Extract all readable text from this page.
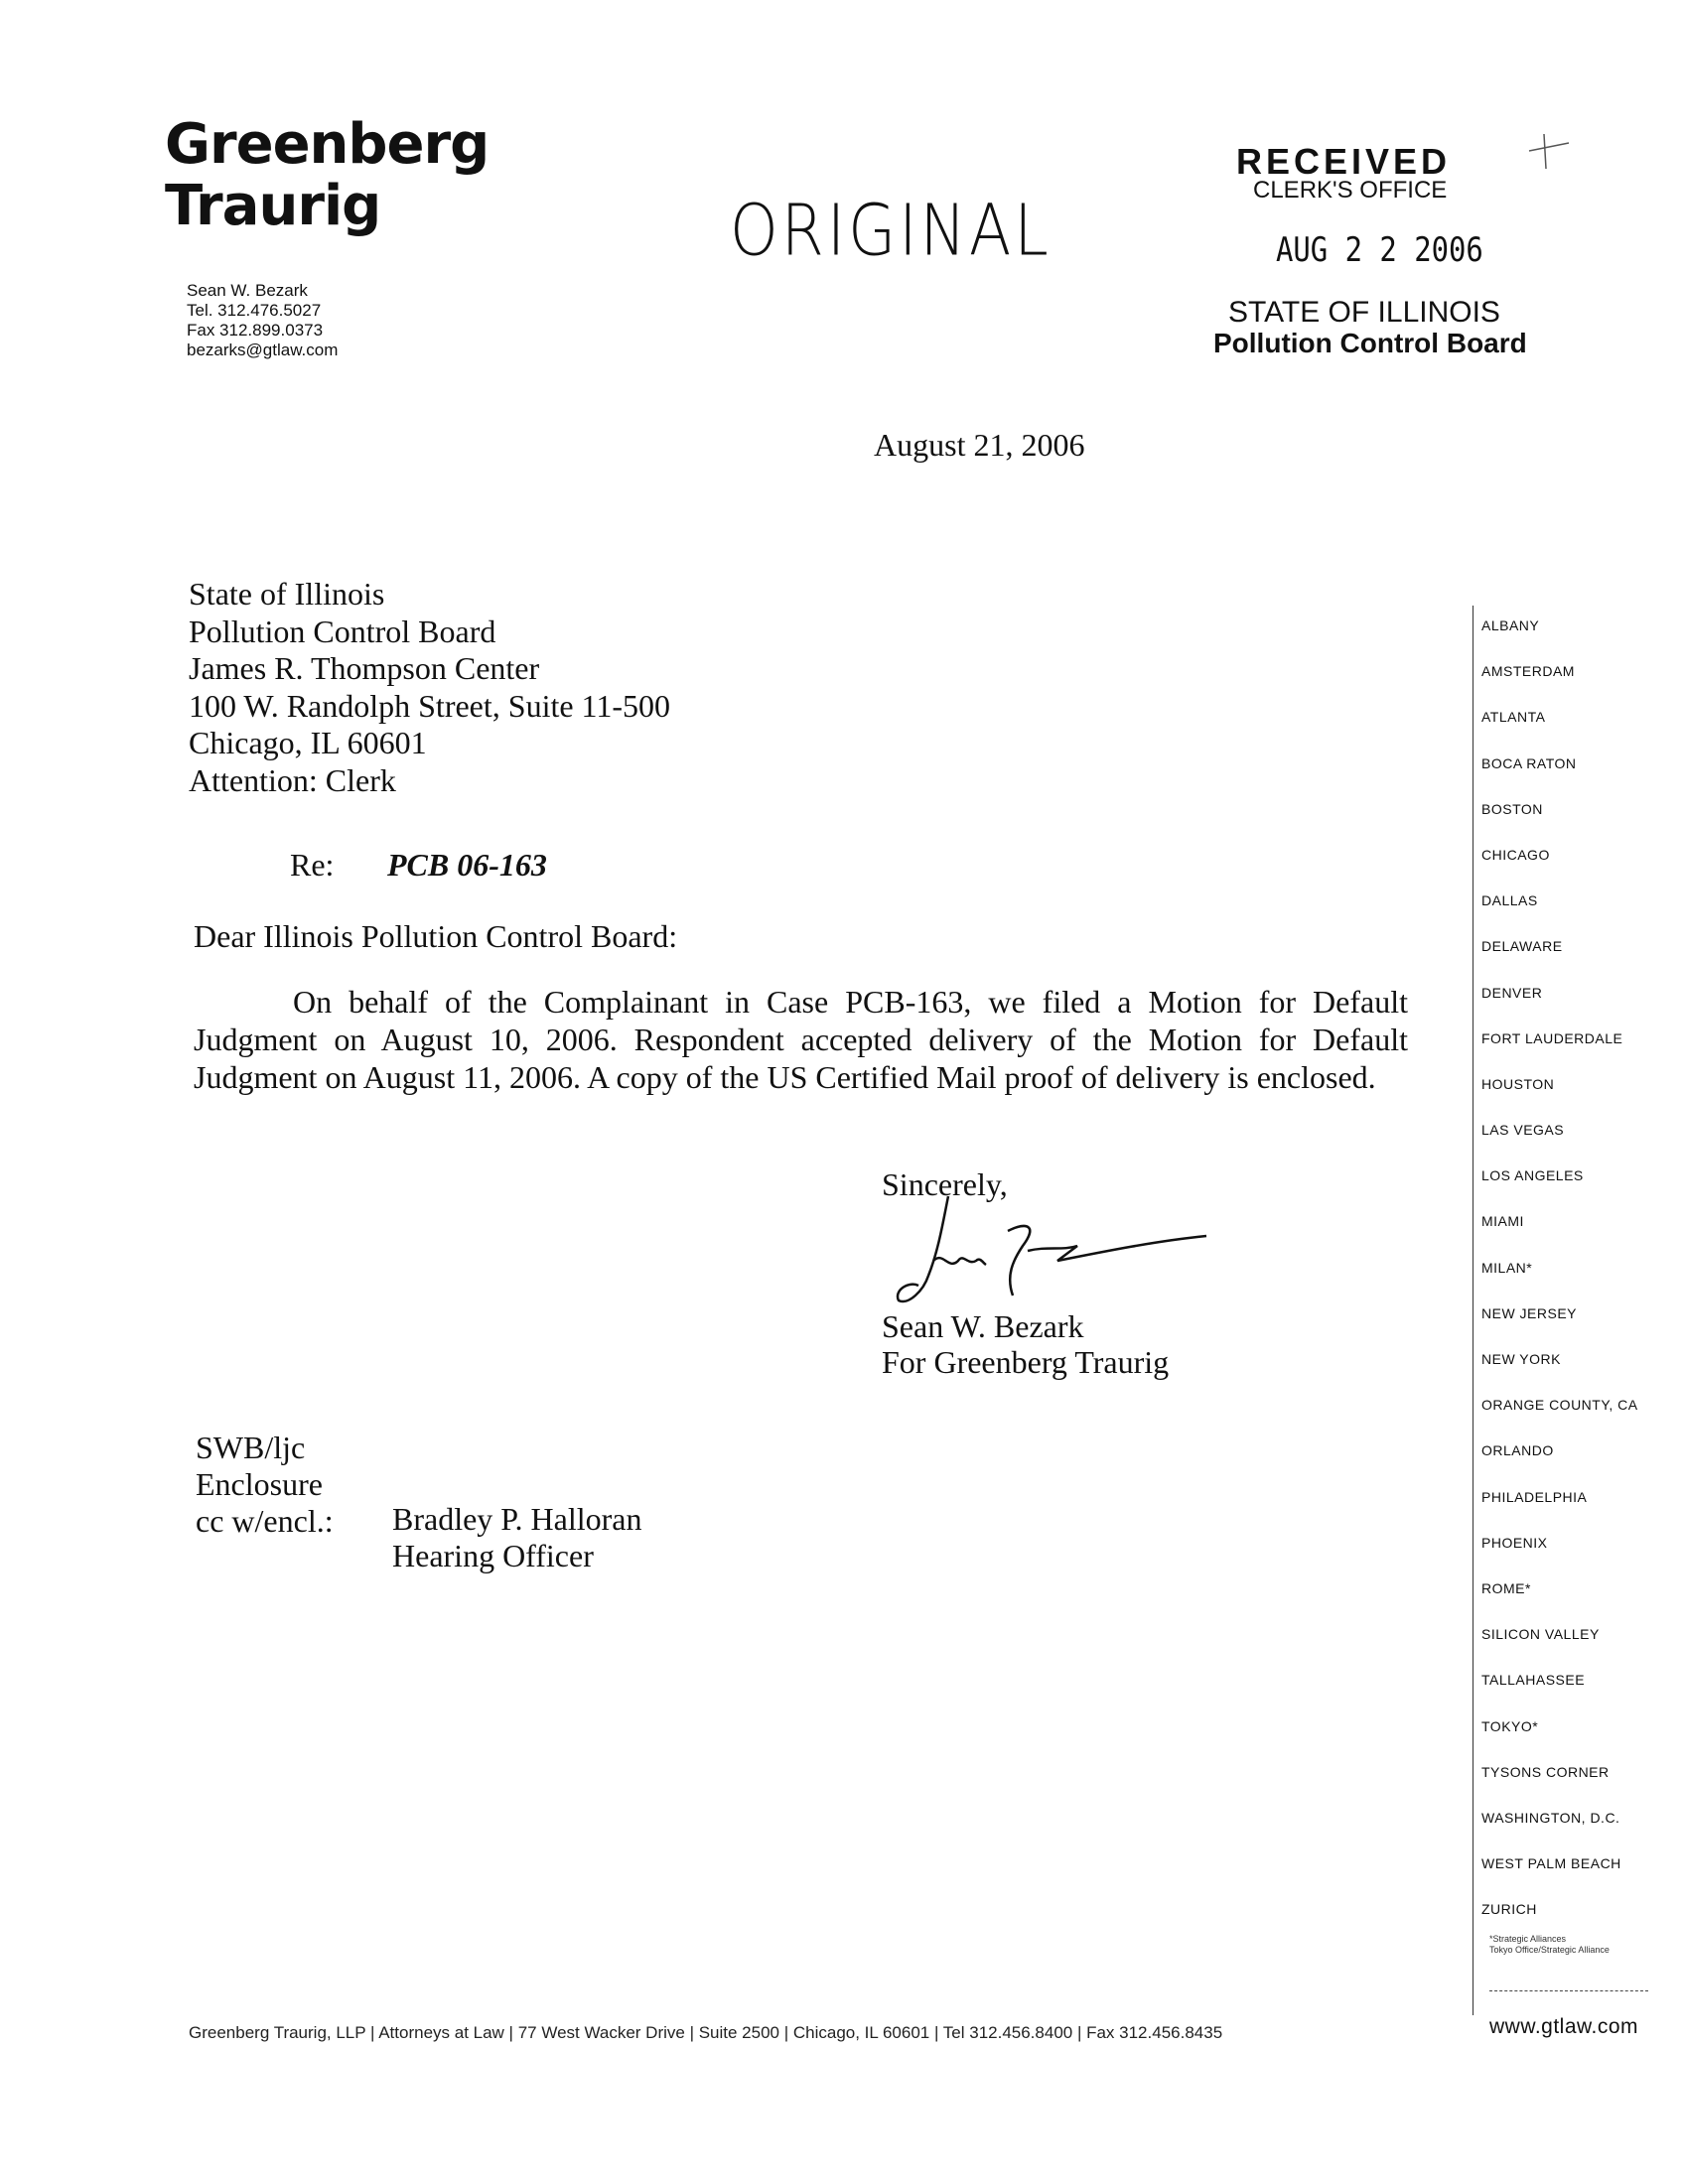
Greenberg
Traurig
Sean W. Bezark
Tel. 312.476.5027
Fax 312.899.0373
bezarks@gtlaw.com
ORIGINAL
RECEIVED
CLERK'S OFFICE
AUG 2 2 2006
STATE OF ILLINOIS
Pollution Control Board
August 21, 2006
State of Illinois
Pollution Control Board
James R. Thompson Center
100 W. Randolph Street, Suite 11-500
Chicago, IL 60601
Attention: Clerk
Re: PCB 06-163
Dear Illinois Pollution Control Board:

On behalf of the Complainant in Case PCB-163, we filed a Motion for Default Judgment on August 10, 2006. Respondent accepted delivery of the Motion for Default Judgment on August 11, 2006. A copy of the US Certified Mail proof of delivery is enclosed.

Sincerely,
Sean W. Bezark
For Greenberg Traurig
SWB/ljc
Enclosure
cc w/encl.: Bradley P. Halloran
Hearing Officer
ALBANY
AMSTERDAM
ATLANTA
BOCA RATON
BOSTON
CHICAGO
DALLAS
DELAWARE
DENVER
FORT LAUDERDALE
HOUSTON
LAS VEGAS
LOS ANGELES
MIAMI
MILAN*
NEW JERSEY
NEW YORK
ORANGE COUNTY, CA
ORLANDO
PHILADELPHIA
PHOENIX
ROME*
SILICON VALLEY
TALLAHASSEE
TOKYO*
TYSONS CORNER
WASHINGTON, D.C.
WEST PALM BEACH
ZURICH
*Strategic Alliances
Tokyo Office/Strategic Alliance
www.gtlaw.com
Greenberg Traurig, LLP | Attorneys at Law | 77 West Wacker Drive | Suite 2500 | Chicago, IL 60601 | Tel 312.456.8400 | Fax 312.456.8435
